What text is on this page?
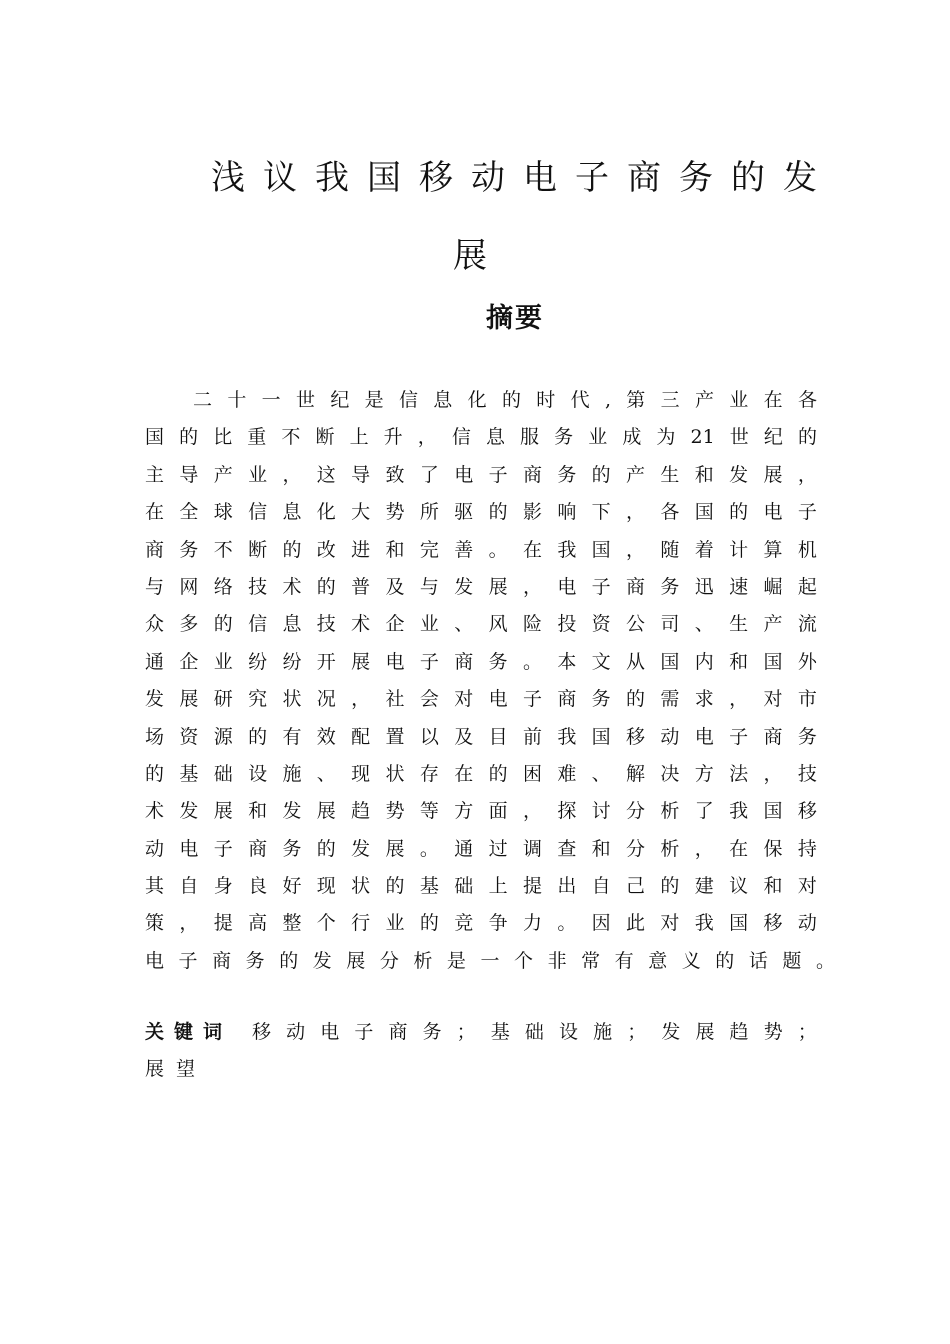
浅议我国移动电子商务的发
展
摘要
二 十 一 世 纪 是 信 息 化 的 时 代 , 第 三 产 业 在 各
国 的 比 重 不 断 上 升 ， 信 息 服 务 业 成 为 21 世 纪 的
主 导 产 业 ， 这 导 致 了 电 子 商 务 的 产 生 和 发 展 ，
在 全 球 信 息 化 大 势 所 驱 的 影 响 下 ， 各 国 的 电 子
商 务 不 断 的 改 进 和 完 善 。 在 我 国 ， 随 着 计 算 机
与 网 络 技 术 的 普 及 与 发 展 ， 电 子 商 务 迅 速 崛 起
众 多 的 信 息 技 术 企 业 、 风 险 投 资 公 司 、 生 产 流
通 企 业 纷 纷 开 展 电 子 商 务 。 本 文 从 国 内 和 国 外
发 展 研 究 状 况 ， 社 会 对 电 子 商 务 的 需 求 ， 对 市
场 资 源 的 有 效 配 置 以 及 目 前 我 国 移 动 电 子 商 务
的 基 础 设 施 、 现 状 存 在 的 困 难 、 解 决 方 法 ， 技
术 发 展 和 发 展 趋 势 等 方 面 ， 探 讨 分 析 了 我 国 移
动 电 子 商 务 的 发 展 。 通 过 调 查 和 分 析 ， 在 保 持
其 自 身 良 好 现 状 的 基 础 上 提 出 自 己 的 建 议 和 对
策 ， 提 高 整 个 行 业 的 竞 争 力 。 因 此 对 我 国 移 动
电 子 商 务 的 发 展 分 析 是 一 个 非 常 有 意 义 的 话 题 。
关键词 移 动 电 子 商 务 ； 基 础 设 施 ； 发 展 趋 势 ；
展望
